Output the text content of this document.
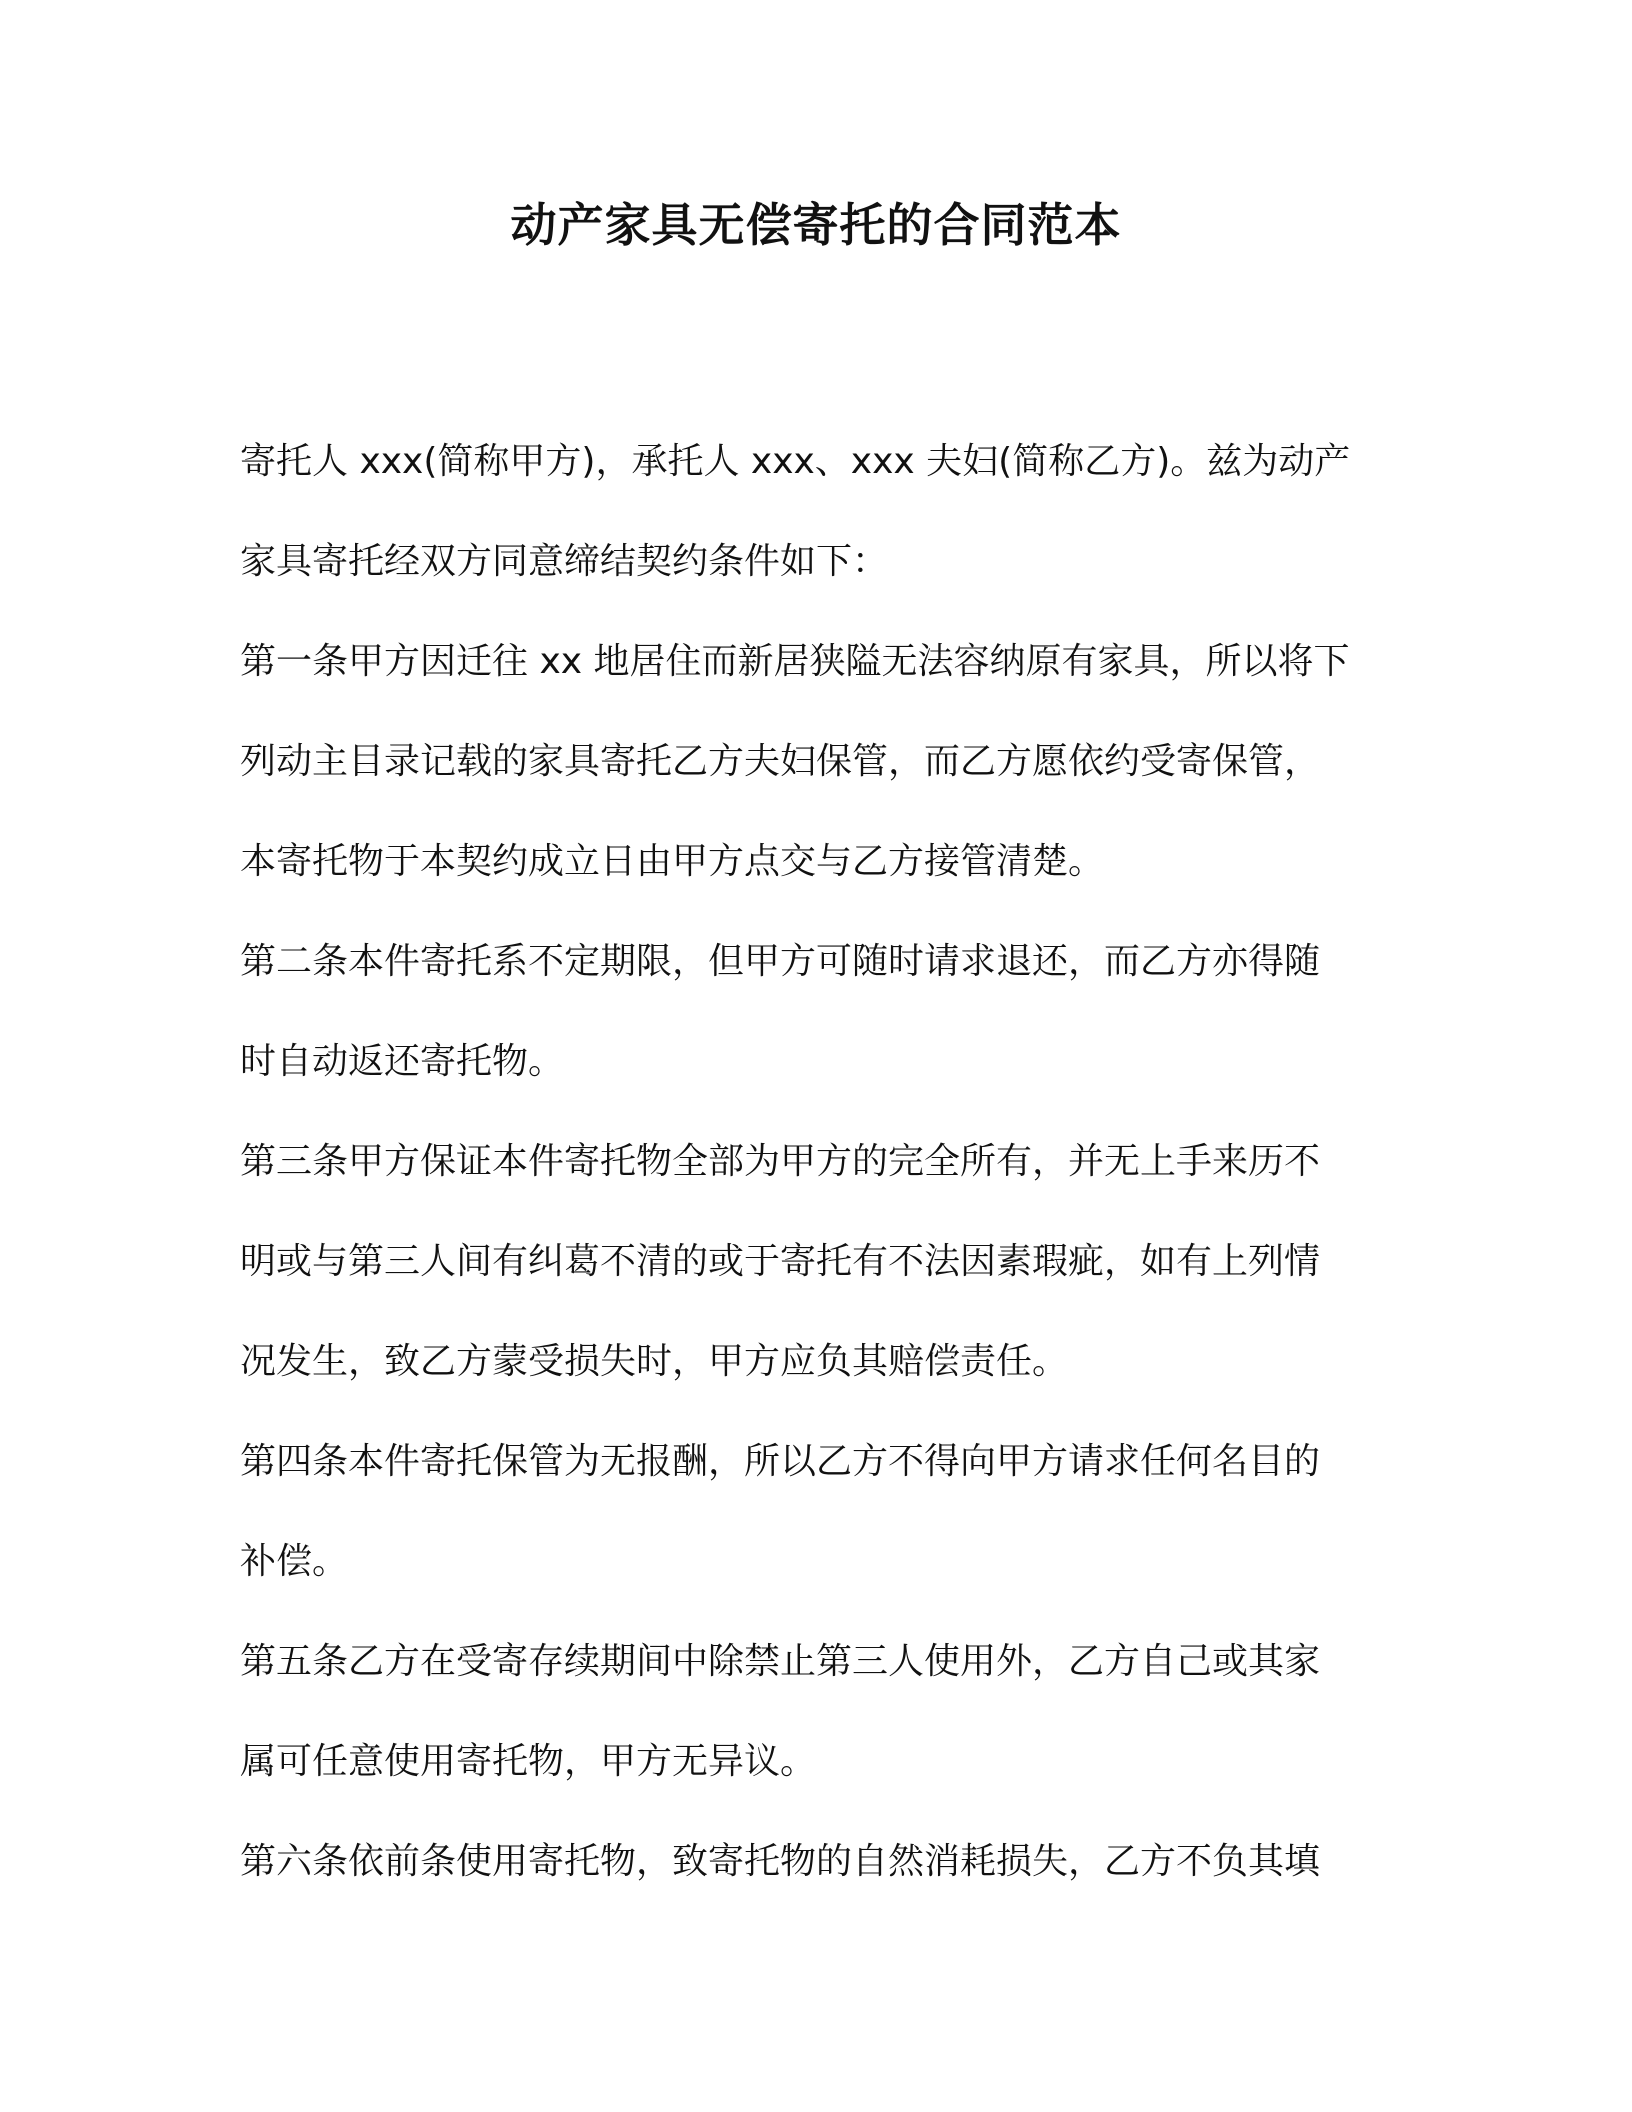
动产家具无偿寄托的合同范本
寄托人 xxx(简称甲方)，承托人 xxx、xxx 夫妇(简称乙方)。兹为动产
家具寄托经双方同意缔结契约条件如下：
第一条甲方因迁往 xx 地居住而新居狭隘无法容纳原有家具，所以将下
列动主目录记载的家具寄托乙方夫妇保管，而乙方愿依约受寄保管，
本寄托物于本契约成立日由甲方点交与乙方接管清楚。
第二条本件寄托系不定期限，但甲方可随时请求退还，而乙方亦得随
时自动返还寄托物。
第三条甲方保证本件寄托物全部为甲方的完全所有，并无上手来历不
明或与第三人间有纠葛不清的或于寄托有不法因素瑕疵，如有上列情
况发生，致乙方蒙受损失时，甲方应负其赔偿责任。
第四条本件寄托保管为无报酬，所以乙方不得向甲方请求任何名目的
补偿。
第五条乙方在受寄存续期间中除禁止第三人使用外，乙方自己或其家
属可任意使用寄托物，甲方无异议。
第六条依前条使用寄托物，致寄托物的自然消耗损失，乙方不负其填
